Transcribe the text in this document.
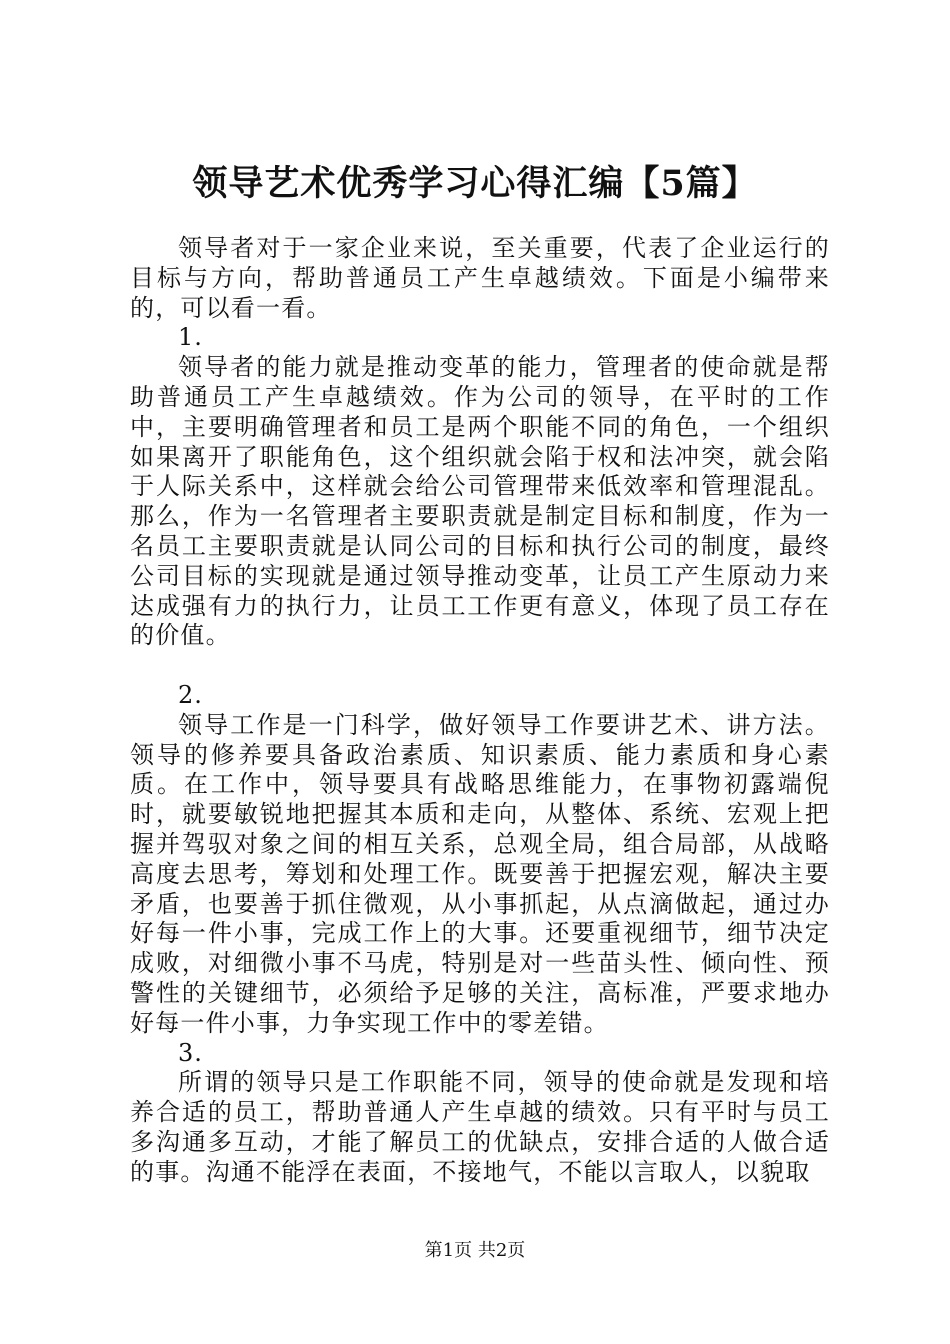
领导艺术优秀学习心得汇编【5篇】

领导者对于一家企业来说，至关重要，代表了企业运行的目标与方向，帮助普通员工产生卓越绩效。下面是小编带来的，可以看一看。

1.

领导者的能力就是推动变革的能力，管理者的使命就是帮助普通员工产生卓越绩效。作为公司的领导，在平时的工作中，主要明确管理者和员工是两个职能不同的角色，一个组织如果离开了职能角色，这个组织就会陷于权和法冲突，就会陷于人际关系中，这样就会给公司管理带来低效率和管理混乱。那么，作为一名管理者主要职责就是制定目标和制度，作为一名员工主要职责就是认同公司的目标和执行公司的制度，最终公司目标的实现就是通过领导推动变革，让员工产生原动力来达成强有力的执行力，让员工工作更有意义，体现了员工存在的价值。

2.

领导工作是一门科学，做好领导工作要讲艺术、讲方法。领导的修养要具备政治素质、知识素质、能力素质和身心素质。在工作中，领导要具有战略思维能力，在事物初露端倪时，就要敏锐地把握其本质和走向，从整体、系统、宏观上把握并驾驭对象之间的相互关系，总观全局，组合局部，从战略高度去思考，筹划和处理工作。既要善于把握宏观，解决主要矛盾，也要善于抓住微观，从小事抓起，从点滴做起，通过办好每一件小事，完成工作上的大事。还要重视细节，细节决定成败，对细微小事不马虎，特别是对一些苗头性、倾向性、预警性的关键细节，必须给予足够的关注，高标准，严要求地办好每一件小事，力争实现工作中的零差错。

3.

所谓的领导只是工作职能不同，领导的使命就是发现和培养合适的员工，帮助普通人产生卓越的绩效。只有平时与员工多沟通多互动，才能了解员工的优缺点，安排合适的人做合适的事。沟通不能浮在表面，不接地气，不能以言取人，以貌取

第1页 共2页
